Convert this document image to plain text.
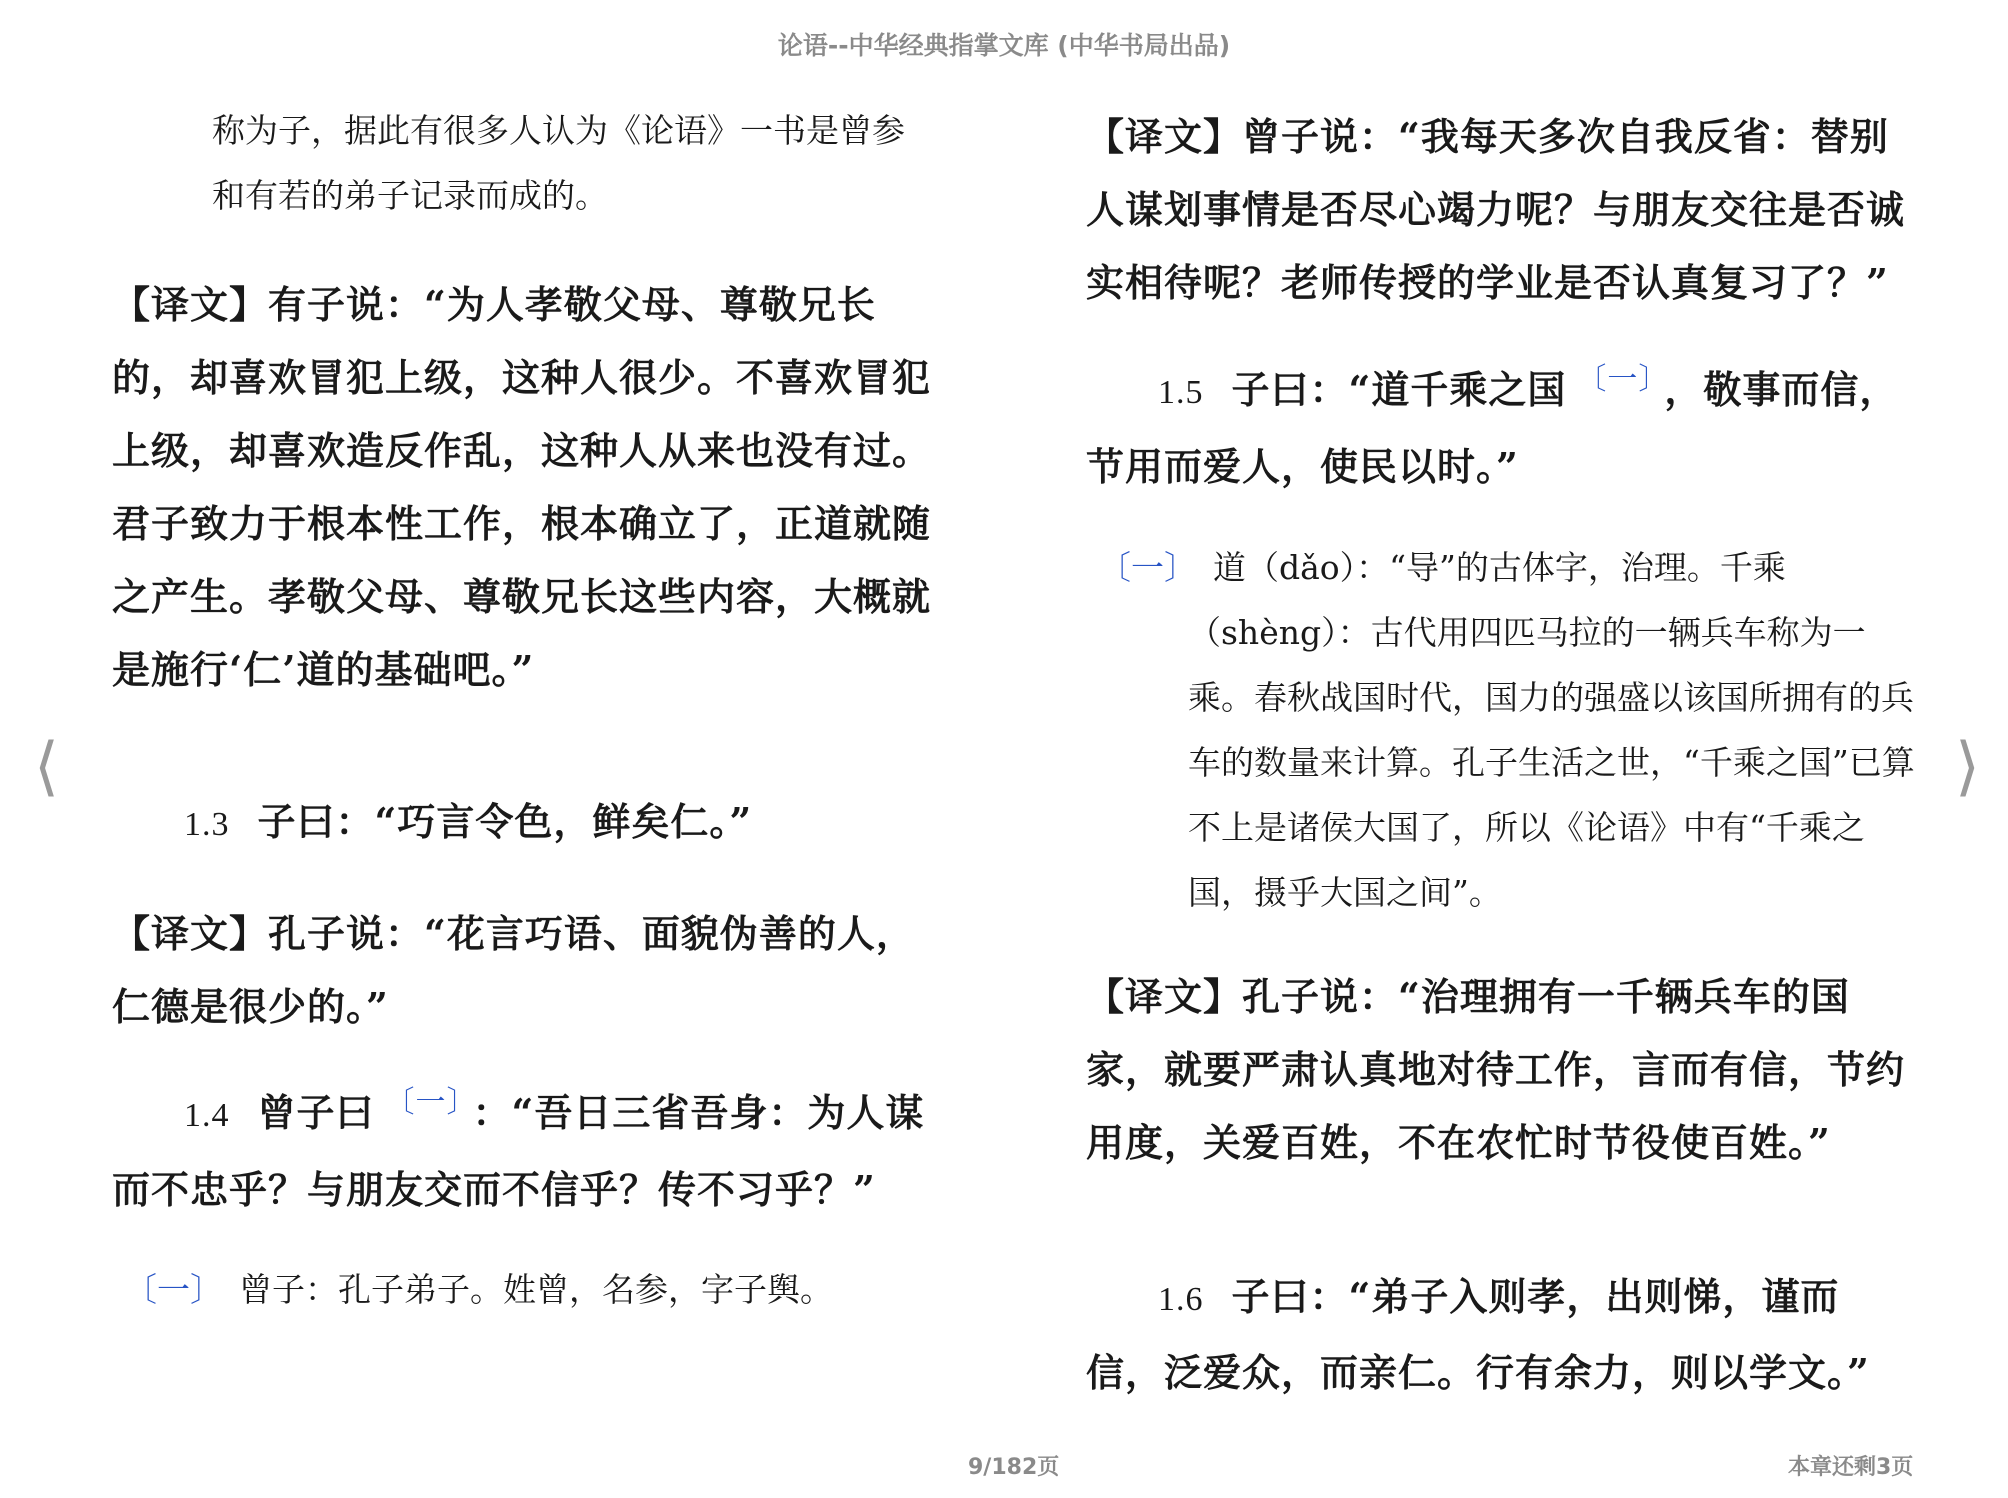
论语--中华经典指掌文库 (中华书局出品)
⟨	⟩

称为子，据此有很多人认为《论语》一书是曾参
和有若的弟子记录而成的。

【译文】有子说：“为人孝敬父母、尊敬兄长的，却喜欢冒犯上级，这种人很少。不喜欢冒犯上级，却喜欢造反作乱，这种人从来也没有过。君子致力于根本性工作，根本确立了，正道就随之产生。孝敬父母、尊敬兄长这些内容，大概就是施行‘仁’道的基础吧。”

1.3 子曰：“巧言令色，鲜矣仁。”

【译文】孔子说：“花言巧语、面貌伪善的人，仁德是很少的。”

1.4 曾子曰 $^{〔一〕}$ ：“吾日三省吾身：为人谋而不忠乎？与朋友交而不信乎？传不习乎？”

〔一〕 曾子：孔子弟子。姓曾，名参，字子舆。

【译文】曾子说：“我每天多次自我反省：替别人谋划事情是否尽心竭力呢？与朋友交往是否诚实相待呢？老师传授的学业是否认真复习了？”

1.5 子曰：“道千乘之国 $^{〔一〕}$ ，敬事而信，节用而爱人，使民以时。”

〔一〕 道（dǎo）：“导”的古体字，治理。千乘

（shèng）：古代用四匹马拉的一辆兵车称为一乘。春秋战国时代，国力的强盛以该国所拥有的兵车的数量来计算。孔子生活之世，“千乘之国”已算不上是诸侯大国了，所以《论语》中有“千乘之国，摄乎大国之间”。

【译文】孔子说：“治理拥有一千辆兵车的国家，就要严肃认真地对待工作，言而有信，节约用度，关爱百姓，不在农忙时节役使百姓。”

1.6 子曰：“弟子入则孝，出则悌，谨而信，泛爱众，而亲仁。行有余力，则以学文。”

9/182页	本章还剩3页
